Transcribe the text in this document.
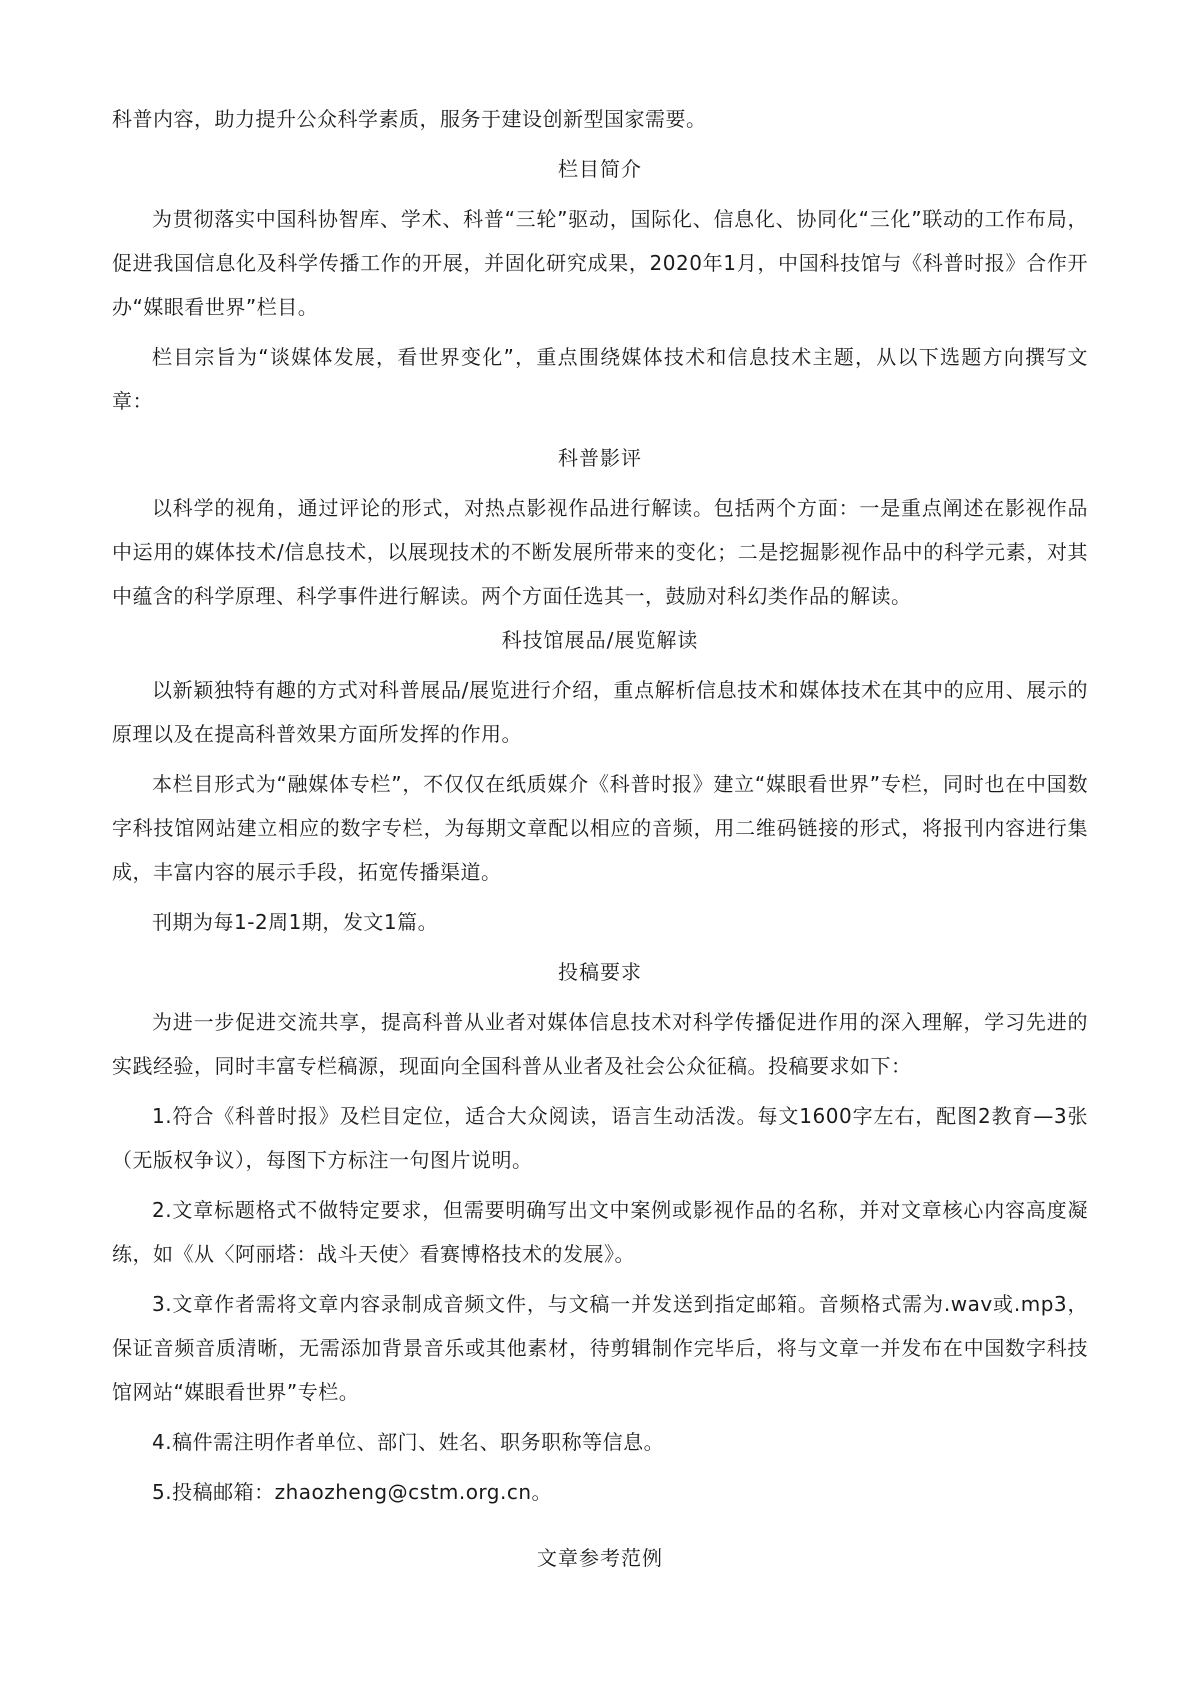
科普内容，助力提升公众科学素质，服务于建设创新型国家需要。

栏目简介

为贯彻落实中国科协智库、学术、科普“三轮”驱动，国际化、信息化、协同化“三化”联动的工作布局，促进我国信息化及科学传播工作的开展，并固化研究成果，2020年1月，中国科技馆与《科普时报》合作开办“媒眼看世界”栏目。

栏目宗旨为“谈媒体发展，看世界变化”，重点围绕媒体技术和信息技术主题，从以下选题方向撰写文章：

科普影评

以科学的视角，通过评论的形式，对热点影视作品进行解读。包括两个方面：一是重点阐述在影视作品中运用的媒体技术/信息技术，以展现技术的不断发展所带来的变化；二是挖掘影视作品中的科学元素，对其中蕴含的科学原理、科学事件进行解读。两个方面任选其一，鼓励对科幻类作品的解读。

科技馆展品/展览解读

以新颖独特有趣的方式对科普展品/展览进行介绍，重点解析信息技术和媒体技术在其中的应用、展示的原理以及在提高科普效果方面所发挥的作用。

本栏目形式为“融媒体专栏”，不仅仅在纸质媒介《科普时报》建立“媒眼看世界”专栏，同时也在中国数字科技馆网站建立相应的数字专栏，为每期文章配以相应的音频，用二维码链接的形式，将报刊内容进行集成，丰富内容的展示手段，拓宽传播渠道。

刊期为每1-2周1期，发文1篇。

投稿要求

为进一步促进交流共享，提高科普从业者对媒体信息技术对科学传播促进作用的深入理解，学习先进的实践经验，同时丰富专栏稿源，现面向全国科普从业者及社会公众征稿。投稿要求如下：

1.符合《科普时报》及栏目定位，适合大众阅读，语言生动活泼。每文1600字左右，配图2教育—3张（无版权争议），每图下方标注一句图片说明。

2.文章标题格式不做特定要求，但需要明确写出文中案例或影视作品的名称，并对文章核心内容高度凝练，如《从〈阿丽塔：战斗天使〉看赛博格技术的发展》。

3.文章作者需将文章内容录制成音频文件，与文稿一并发送到指定邮箱。音频格式需为.wav或.mp3，保证音频音质清晰，无需添加背景音乐或其他素材，待剪辑制作完毕后，将与文章一并发布在中国数字科技馆网站“媒眼看世界”专栏。

4.稿件需注明作者单位、部门、姓名、职务职称等信息。

5.投稿邮箱：zhaozheng@cstm.org.cn。

文章参考范例
